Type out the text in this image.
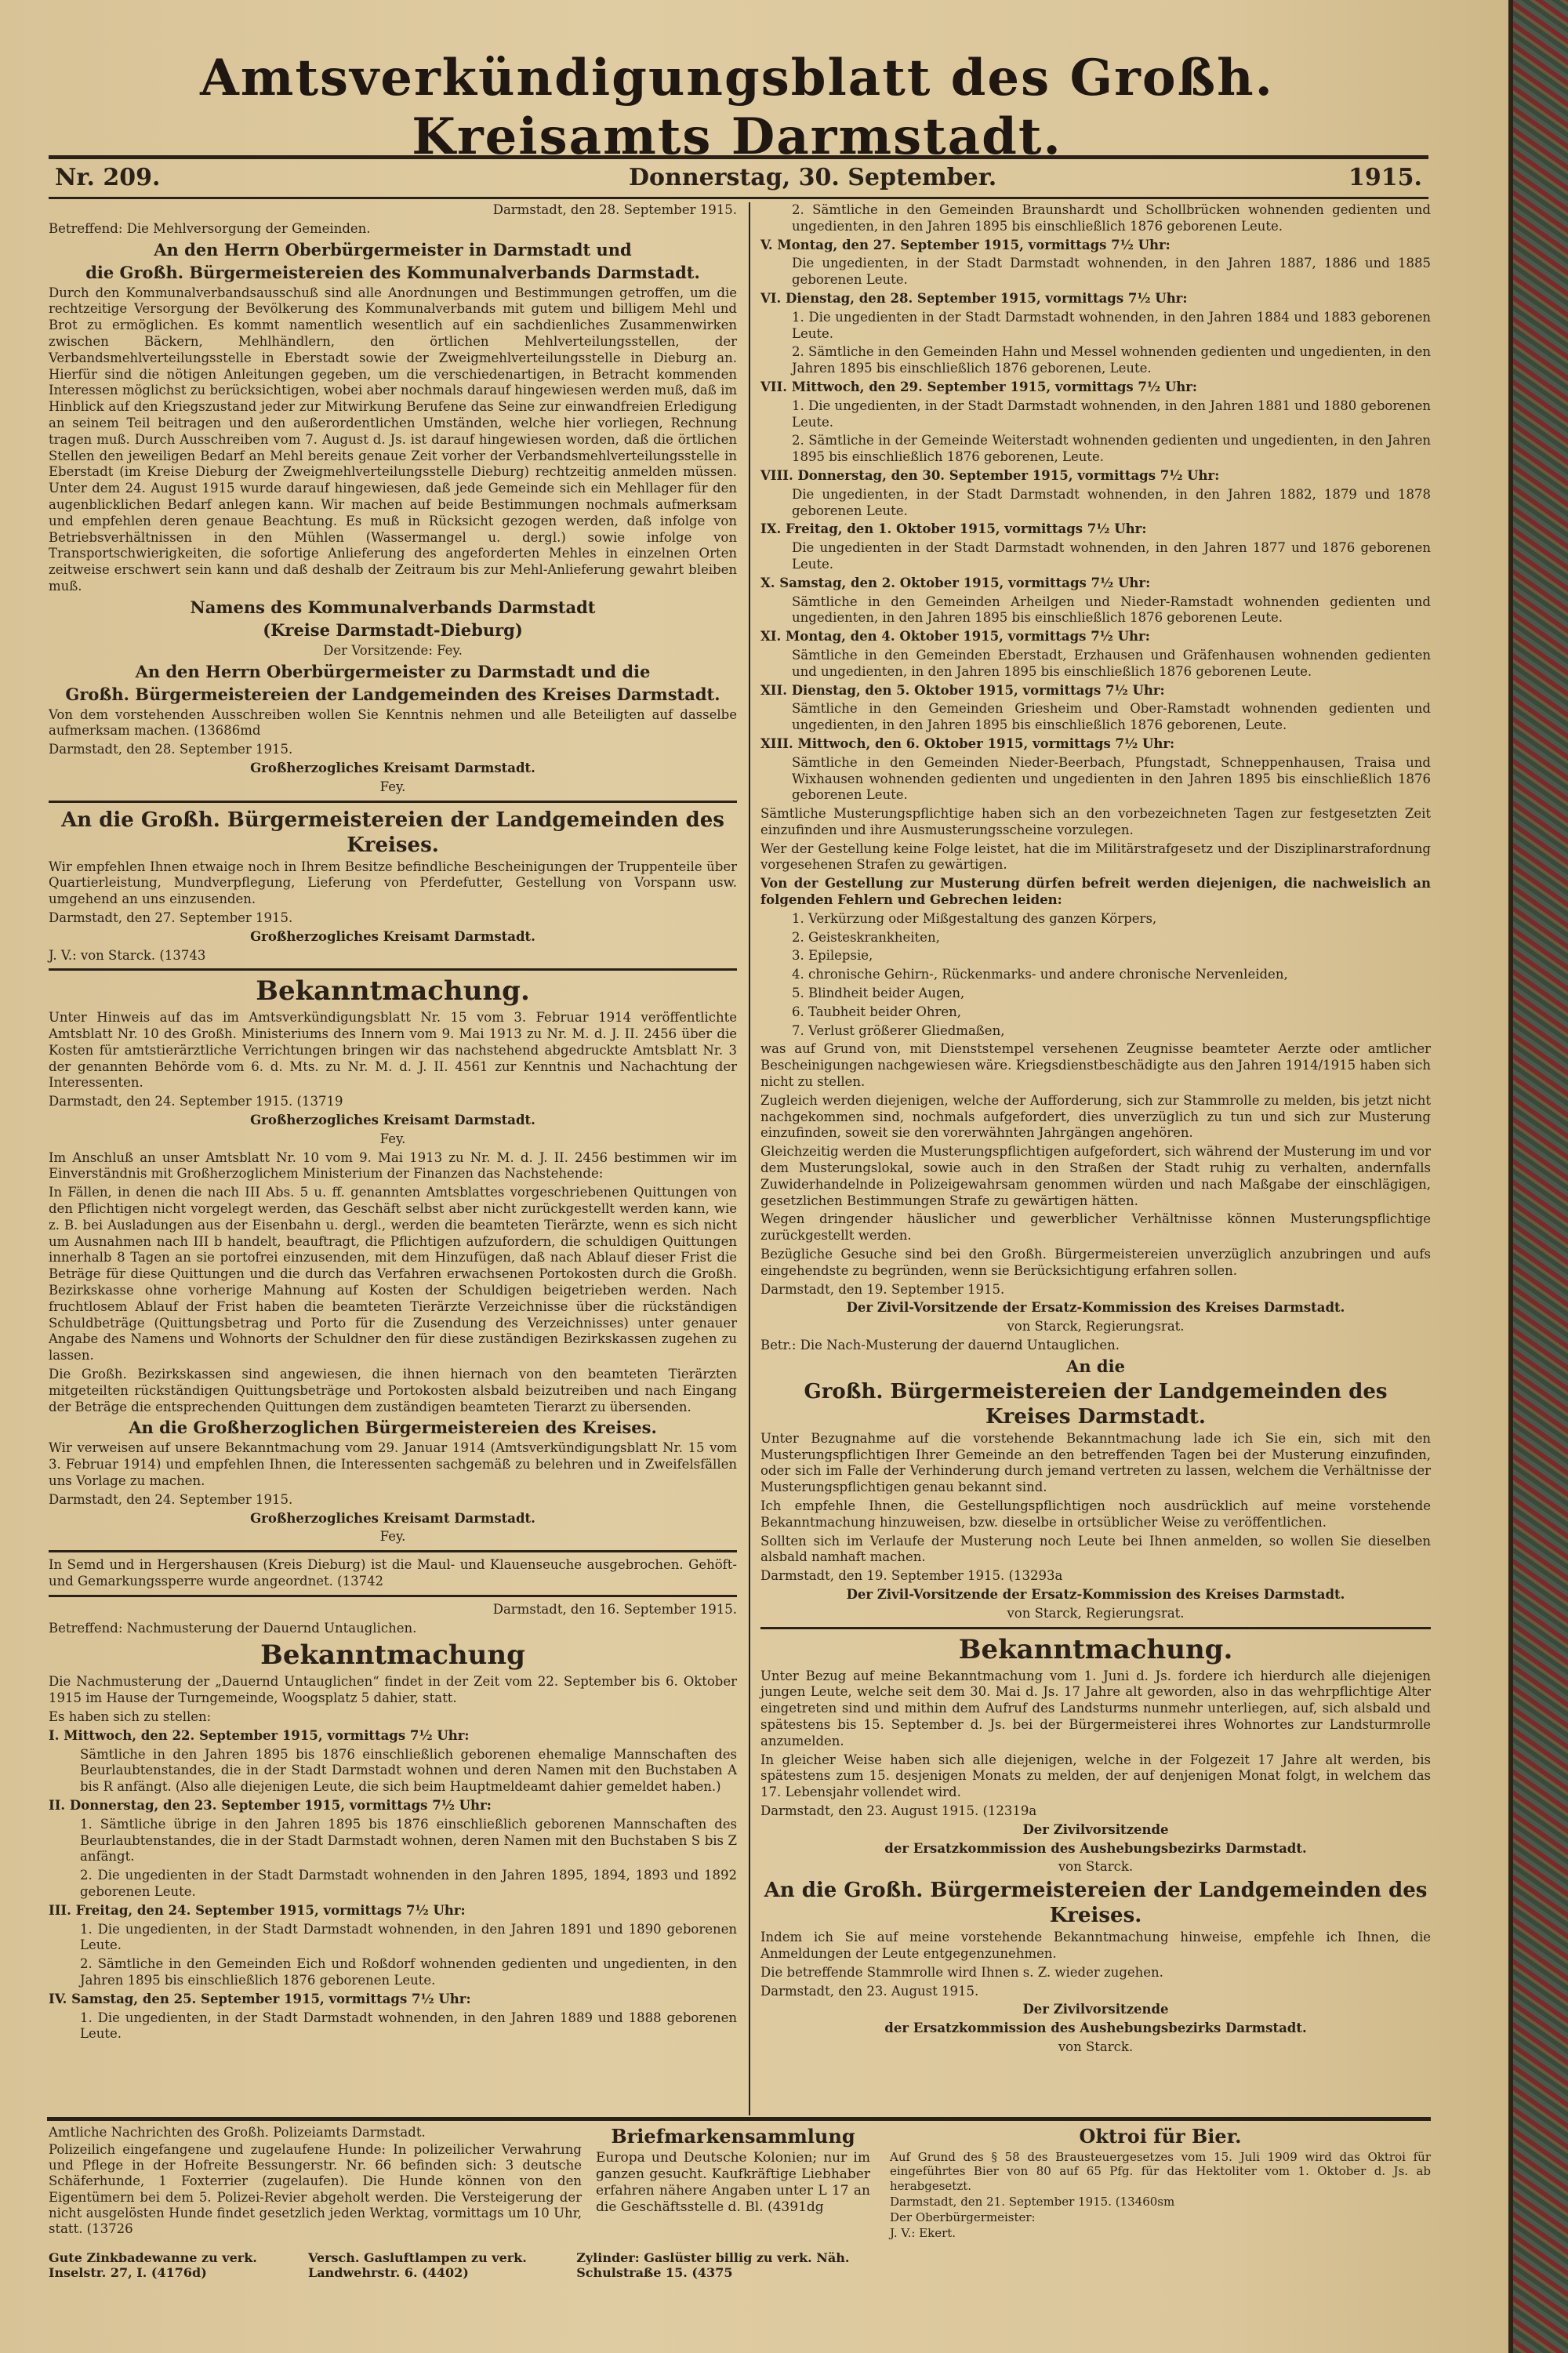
Amtsverkündigungsblatt des Großh. Kreisamts Darmstadt.
Nr. 209.	Donnerstag, 30. September.	1915.

Darmstadt, den 28. September 1915.

Betreffend: Die Mehlversorgung der Gemeinden.

An den Herrn Oberbürgermeister in Darmstadt und

die Großh. Bürgermeistereien des Kommunalverbands Darmstadt.

Durch den Kommunalverbandsausschuß sind alle Anordnungen und Bestimmungen getroffen, um die rechtzeitige Versorgung der Bevölkerung des Kommunalverbands mit gutem und billigem Mehl und Brot zu ermöglichen. Es kommt namentlich wesentlich auf ein sachdienliches Zusammenwirken zwischen Bäckern, Mehlhändlern, den örtlichen Mehlverteilungsstellen, der Verbandsmehlverteilungsstelle in Eberstadt sowie der Zweigmehlverteilungsstelle in Dieburg an. Hierfür sind die nötigen Anleitungen gegeben, um die verschiedenartigen, in Betracht kommenden Interessen möglichst zu berücksichtigen, wobei aber nochmals darauf hingewiesen werden muß, daß im Hinblick auf den Kriegszustand jeder zur Mitwirkung Berufene das Seine zur einwandfreien Erledigung an seinem Teil beitragen und den außerordentlichen Umständen, welche hier vorliegen, Rechnung tragen muß. Durch Ausschreiben vom 7. August d. Js. ist darauf hingewiesen worden, daß die örtlichen Stellen den jeweiligen Bedarf an Mehl bereits genaue Zeit vorher der Verbandsmehlverteilungsstelle in Eberstadt (im Kreise Dieburg der Zweigmehlverteilungsstelle Dieburg) rechtzeitig anmelden müssen. Unter dem 24. August 1915 wurde darauf hingewiesen, daß jede Gemeinde sich ein Mehllager für den augenblicklichen Bedarf anlegen kann. Wir machen auf beide Bestimmungen nochmals aufmerksam und empfehlen deren genaue Beachtung. Es muß in Rücksicht gezogen werden, daß infolge von Betriebsverhältnissen in den Mühlen (Wassermangel u. dergl.) sowie infolge von Transportschwierigkeiten, die sofortige Anlieferung des angeforderten Mehles in einzelnen Orten zeitweise erschwert sein kann und daß deshalb der Zeitraum bis zur Mehl-Anlieferung gewahrt bleiben muß.

Namens des Kommunalverbands Darmstadt

(Kreise Darmstadt-Dieburg)

Der Vorsitzende: Fey.

An den Herrn Oberbürgermeister zu Darmstadt und die

Großh. Bürgermeistereien der Landgemeinden des Kreises Darmstadt.

Von dem vorstehenden Ausschreiben wollen Sie Kenntnis nehmen und alle Beteiligten auf dasselbe aufmerksam machen. (13686md

Darmstadt, den 28. September 1915.

Großherzogliches Kreisamt Darmstadt.

Fey.

An die Großh. Bürgermeistereien der Landgemeinden des Kreises.

Wir empfehlen Ihnen etwaige noch in Ihrem Besitze befindliche Bescheinigungen der Truppenteile über Quartierleistung, Mundverpflegung, Lieferung von Pferdefutter, Gestellung von Vorspann usw. umgehend an uns einzusenden.

Darmstadt, den 27. September 1915.

Großherzogliches Kreisamt Darmstadt.

J. V.: von Starck. (13743

Bekanntmachung.

Unter Hinweis auf das im Amtsverkündigungsblatt Nr. 15 vom 3. Februar 1914 veröffentlichte Amtsblatt Nr. 10 des Großh. Ministeriums des Innern vom 9. Mai 1913 zu Nr. M. d. J. II. 2456 über die Kosten für amtstierärztliche Verrichtungen bringen wir das nachstehend abgedruckte Amtsblatt Nr. 3 der genannten Behörde vom 6. d. Mts. zu Nr. M. d. J. II. 4561 zur Kenntnis und Nachachtung der Interessenten.

Darmstadt, den 24. September 1915. (13719

Großherzogliches Kreisamt Darmstadt.

Fey.

Im Anschluß an unser Amtsblatt Nr. 10 vom 9. Mai 1913 zu Nr. M. d. J. II. 2456 bestimmen wir im Einverständnis mit Großherzoglichem Ministerium der Finanzen das Nachstehende:

In Fällen, in denen die nach III Abs. 5 u. ff. genannten Amtsblattes vorgeschriebenen Quittungen von den Pflichtigen nicht vorgelegt werden, das Geschäft selbst aber nicht zurückgestellt werden kann, wie z. B. bei Ausladungen aus der Eisenbahn u. dergl., werden die beamteten Tierärzte, wenn es sich nicht um Ausnahmen nach III b handelt, beauftragt, die Pflichtigen aufzufordern, die schuldigen Quittungen innerhalb 8 Tagen an sie portofrei einzusenden, mit dem Hinzufügen, daß nach Ablauf dieser Frist die Beträge für diese Quittungen und die durch das Verfahren erwachsenen Portokosten durch die Großh. Bezirkskasse ohne vorherige Mahnung auf Kosten der Schuldigen beigetrieben werden. Nach fruchtlosem Ablauf der Frist haben die beamteten Tierärzte Verzeichnisse über die rückständigen Schuldbeträge (Quittungsbetrag und Porto für die Zusendung des Verzeichnisses) unter genauer Angabe des Namens und Wohnorts der Schuldner den für diese zuständigen Bezirkskassen zugehen zu lassen.

Die Großh. Bezirkskassen sind angewiesen, die ihnen hiernach von den beamteten Tierärzten mitgeteilten rückständigen Quittungsbeträge und Portokosten alsbald beizutreiben und nach Eingang der Beträge die entsprechenden Quittungen dem zuständigen beamteten Tierarzt zu übersenden.

An die Großherzoglichen Bürgermeistereien des Kreises.

Wir verweisen auf unsere Bekanntmachung vom 29. Januar 1914 (Amtsverkündigungsblatt Nr. 15 vom 3. Februar 1914) und empfehlen Ihnen, die Interessenten sachgemäß zu belehren und in Zweifelsfällen uns Vorlage zu machen.

Darmstadt, den 24. September 1915.

Großherzogliches Kreisamt Darmstadt.

Fey.

In Semd und in Hergershausen (Kreis Dieburg) ist die Maul- und Klauenseuche ausgebrochen. Gehöft- und Gemarkungssperre wurde angeordnet. (13742

Darmstadt, den 16. September 1915.

Betreffend: Nachmusterung der Dauernd Untauglichen.

Bekanntmachung

Die Nachmusterung der „Dauernd Untauglichen“ findet in der Zeit vom 22. September bis 6. Oktober 1915 im Hause der Turngemeinde, Woogsplatz 5 dahier, statt.

Es haben sich zu stellen:

I. Mittwoch, den 22. September 1915, vormittags 7½ Uhr:

Sämtliche in den Jahren 1895 bis 1876 einschließlich geborenen ehemalige Mannschaften des Beurlaubtenstandes, die in der Stadt Darmstadt wohnen und deren Namen mit den Buchstaben A bis R anfängt. (Also alle diejenigen Leute, die sich beim Hauptmeldeamt dahier gemeldet haben.)

II. Donnerstag, den 23. September 1915, vormittags 7½ Uhr:

1. Sämtliche übrige in den Jahren 1895 bis 1876 einschließlich geborenen Mannschaften des Beurlaubtenstandes, die in der Stadt Darmstadt wohnen, deren Namen mit den Buchstaben S bis Z anfängt.

2. Die ungedienten in der Stadt Darmstadt wohnenden in den Jahren 1895, 1894, 1893 und 1892 geborenen Leute.

III. Freitag, den 24. September 1915, vormittags 7½ Uhr:

1. Die ungedienten, in der Stadt Darmstadt wohnenden, in den Jahren 1891 und 1890 geborenen Leute.

2. Sämtliche in den Gemeinden Eich und Roßdorf wohnenden gedienten und ungedienten, in den Jahren 1895 bis einschließlich 1876 geborenen Leute.

IV. Samstag, den 25. September 1915, vormittags 7½ Uhr:

1. Die ungedienten, in der Stadt Darmstadt wohnenden, in den Jahren 1889 und 1888 geborenen Leute.

2. Sämtliche in den Gemeinden Braunshardt und Schollbrücken wohnenden gedienten und ungedienten, in den Jahren 1895 bis einschließlich 1876 geborenen Leute.

V. Montag, den 27. September 1915, vormittags 7½ Uhr:

Die ungedienten, in der Stadt Darmstadt wohnenden, in den Jahren 1887, 1886 und 1885 geborenen Leute.

VI. Dienstag, den 28. September 1915, vormittags 7½ Uhr:

1. Die ungedienten in der Stadt Darmstadt wohnenden, in den Jahren 1884 und 1883 geborenen Leute.

2. Sämtliche in den Gemeinden Hahn und Messel wohnenden gedienten und ungedienten, in den Jahren 1895 bis einschließlich 1876 geborenen, Leute.

VII. Mittwoch, den 29. September 1915, vormittags 7½ Uhr:

1. Die ungedienten, in der Stadt Darmstadt wohnenden, in den Jahren 1881 und 1880 geborenen Leute.

2. Sämtliche in der Gemeinde Weiterstadt wohnenden gedienten und ungedienten, in den Jahren 1895 bis einschließlich 1876 geborenen, Leute.

VIII. Donnerstag, den 30. September 1915, vormittags 7½ Uhr:

Die ungedienten, in der Stadt Darmstadt wohnenden, in den Jahren 1882, 1879 und 1878 geborenen Leute.

IX. Freitag, den 1. Oktober 1915, vormittags 7½ Uhr:

Die ungedienten in der Stadt Darmstadt wohnenden, in den Jahren 1877 und 1876 geborenen Leute.

X. Samstag, den 2. Oktober 1915, vormittags 7½ Uhr:

Sämtliche in den Gemeinden Arheilgen und Nieder-Ramstadt wohnenden gedienten und ungedienten, in den Jahren 1895 bis einschließlich 1876 geborenen Leute.

XI. Montag, den 4. Oktober 1915, vormittags 7½ Uhr:

Sämtliche in den Gemeinden Eberstadt, Erzhausen und Gräfenhausen wohnenden gedienten und ungedienten, in den Jahren 1895 bis einschließlich 1876 geborenen Leute.

XII. Dienstag, den 5. Oktober 1915, vormittags 7½ Uhr:

Sämtliche in den Gemeinden Griesheim und Ober-Ramstadt wohnenden gedienten und ungedienten, in den Jahren 1895 bis einschließlich 1876 geborenen, Leute.

XIII. Mittwoch, den 6. Oktober 1915, vormittags 7½ Uhr:

Sämtliche in den Gemeinden Nieder-Beerbach, Pfungstadt, Schneppenhausen, Traisa und Wixhausen wohnenden gedienten und ungedienten in den Jahren 1895 bis einschließlich 1876 geborenen Leute.

Sämtliche Musterungspflichtige haben sich an den vorbezeichneten Tagen zur festgesetzten Zeit einzufinden und ihre Ausmusterungsscheine vorzulegen.

Wer der Gestellung keine Folge leistet, hat die im Militärstrafgesetz und der Disziplinarstrafordnung vorgesehenen Strafen zu gewärtigen.

Von der Gestellung zur Musterung dürfen befreit werden diejenigen, die nachweislich an folgenden Fehlern und Gebrechen leiden:

1. Verkürzung oder Mißgestaltung des ganzen Körpers,

2. Geisteskrankheiten,

3. Epilepsie,

4. chronische Gehirn-, Rückenmarks- und andere chronische Nervenleiden,

5. Blindheit beider Augen,

6. Taubheit beider Ohren,

7. Verlust größerer Gliedmaßen,

was auf Grund von, mit Dienststempel versehenen Zeugnisse beamteter Aerzte oder amtlicher Bescheinigungen nachgewiesen wäre. Kriegsdienstbeschädigte aus den Jahren 1914/1915 haben sich nicht zu stellen.

Zugleich werden diejenigen, welche der Aufforderung, sich zur Stammrolle zu melden, bis jetzt nicht nachgekommen sind, nochmals aufgefordert, dies unverzüglich zu tun und sich zur Musterung einzufinden, soweit sie den vorerwähnten Jahrgängen angehören.

Gleichzeitig werden die Musterungspflichtigen aufgefordert, sich während der Musterung im und vor dem Musterungslokal, sowie auch in den Straßen der Stadt ruhig zu verhalten, andernfalls Zuwiderhandelnde in Polizeigewahrsam genommen würden und nach Maßgabe der einschlägigen, gesetzlichen Bestimmungen Strafe zu gewärtigen hätten.

Wegen dringender häuslicher und gewerblicher Verhältnisse können Musterungspflichtige zurückgestellt werden.

Bezügliche Gesuche sind bei den Großh. Bürgermeistereien unverzüglich anzubringen und aufs eingehendste zu begründen, wenn sie Berücksichtigung erfahren sollen.

Darmstadt, den 19. September 1915.

Der Zivil-Vorsitzende der Ersatz-Kommission des Kreises Darmstadt.

von Starck, Regierungsrat.

Betr.: Die Nach-Musterung der dauernd Untauglichen.

An die

Großh. Bürgermeistereien der Landgemeinden des Kreises Darmstadt.

Unter Bezugnahme auf die vorstehende Bekanntmachung lade ich Sie ein, sich mit den Musterungspflichtigen Ihrer Gemeinde an den betreffenden Tagen bei der Musterung einzufinden, oder sich im Falle der Verhinderung durch jemand vertreten zu lassen, welchem die Verhältnisse der Musterungspflichtigen genau bekannt sind.

Ich empfehle Ihnen, die Gestellungspflichtigen noch ausdrücklich auf meine vorstehende Bekanntmachung hinzuweisen, bzw. dieselbe in ortsüblicher Weise zu veröffentlichen.

Sollten sich im Verlaufe der Musterung noch Leute bei Ihnen anmelden, so wollen Sie dieselben alsbald namhaft machen.

Darmstadt, den 19. September 1915. (13293a

Der Zivil-Vorsitzende der Ersatz-Kommission des Kreises Darmstadt.

von Starck, Regierungsrat.

Bekanntmachung.

Unter Bezug auf meine Bekanntmachung vom 1. Juni d. Js. fordere ich hierdurch alle diejenigen jungen Leute, welche seit dem 30. Mai d. Js. 17 Jahre alt geworden, also in das wehrpflichtige Alter eingetreten sind und mithin dem Aufruf des Landsturms nunmehr unterliegen, auf, sich alsbald und spätestens bis 15. September d. Js. bei der Bürgermeisterei ihres Wohnortes zur Landsturmrolle anzumelden.

In gleicher Weise haben sich alle diejenigen, welche in der Folgezeit 17 Jahre alt werden, bis spätestens zum 15. desjenigen Monats zu melden, der auf denjenigen Monat folgt, in welchem das 17. Lebensjahr vollendet wird.

Darmstadt, den 23. August 1915. (12319a

Der Zivilvorsitzende

der Ersatzkommission des Aushebungsbezirks Darmstadt.

von Starck.

An die Großh. Bürgermeistereien der Landgemeinden des Kreises.

Indem ich Sie auf meine vorstehende Bekanntmachung hinweise, empfehle ich Ihnen, die Anmeldungen der Leute entgegenzunehmen.

Die betreffende Stammrolle wird Ihnen s. Z. wieder zugehen.

Darmstadt, den 23. August 1915.

Der Zivilvorsitzende

der Ersatzkommission des Aushebungsbezirks Darmstadt.

von Starck.

Amtliche Nachrichten des Großh. Polizeiamts Darmstadt.

Polizeilich eingefangene und zugelaufene Hunde: In polizeilicher Verwahrung und Pflege in der Hofreite Bessungerstr. Nr. 66 befinden sich: 3 deutsche Schäferhunde, 1 Foxterrier (zugelaufen). Die Hunde können von den Eigentümern bei dem 5. Polizei-Revier abgeholt werden. Die Versteigerung der nicht ausgelösten Hunde findet gesetzlich jeden Werktag, vormittags um 10 Uhr, statt. (13726

Briefmarkensammlung

Europa und Deutsche Kolonien; nur im ganzen gesucht. Kaufkräftige Liebhaber erfahren nähere Angaben unter L 17 an die Geschäftsstelle d. Bl. (4391dg

Oktroi für Bier.

Auf Grund des § 58 des Brausteuergesetzes vom 15. Juli 1909 wird das Oktroi für eingeführtes Bier von 80 auf 65 Pfg. für das Hektoliter vom 1. Oktober d. Js. ab herabgesetzt.

Darmstadt, den 21. September 1915. (13460sm

Der Oberbürgermeister:

J. V.: Ekert.

Gute Zinkbadewanne zu verk. Inselstr. 27, I. (4176d)
Versch. Gasluftlampen zu verk. Landwehrstr. 6. (4402)
Zylinder: Gaslüster billig zu verk. Näh. Schulstraße 15. (4375
